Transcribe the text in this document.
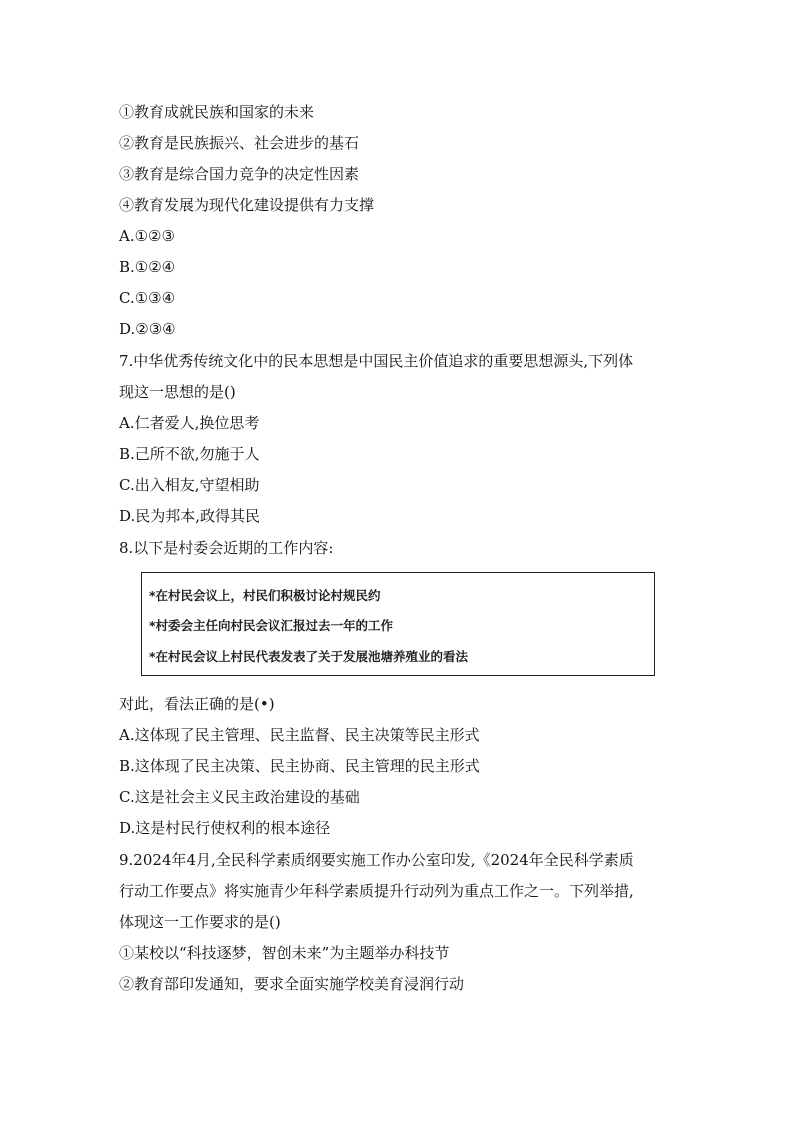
①教育成就民族和国家的未来
②教育是民族振兴、社会进步的基石
③教育是综合国力竞争的决定性因素
④教育发展为现代化建设提供有力支撑
A.①②③
B.①②④
C.①③④
D.②③④
7.中华优秀传统文化中的民本思想是中国民主价值追求的重要思想源头,下列体
现这一思想的是()
A.仁者爱人,换位思考
B.己所不欲,勿施于人
C.出入相友,守望相助
D.民为邦本,政得其民
8.以下是村委会近期的工作内容:
*在村民会议上，村民们积极讨论村规民约
*村委会主任向村民会议汇报过去一年的工作
*在村民会议上村民代表发表了关于发展池塘养殖业的看法
对此，看法正确的是(•)
A.这体现了民主管理、民主监督、民主决策等民主形式
B.这体现了民主决策、民主协商、民主管理的民主形式
C.这是社会主义民主政治建设的基础
D.这是村民行使权利的根本途径
9.2024年4月,全民科学素质纲要实施工作办公室印发,《2024年全民科学素质
行动工作要点》将实施青少年科学素质提升行动列为重点工作之一。下列举措,
体现这一工作要求的是()
①某校以“科技逐梦，智创未来”为主题举办科技节
②教育部印发通知，要求全面实施学校美育浸润行动
